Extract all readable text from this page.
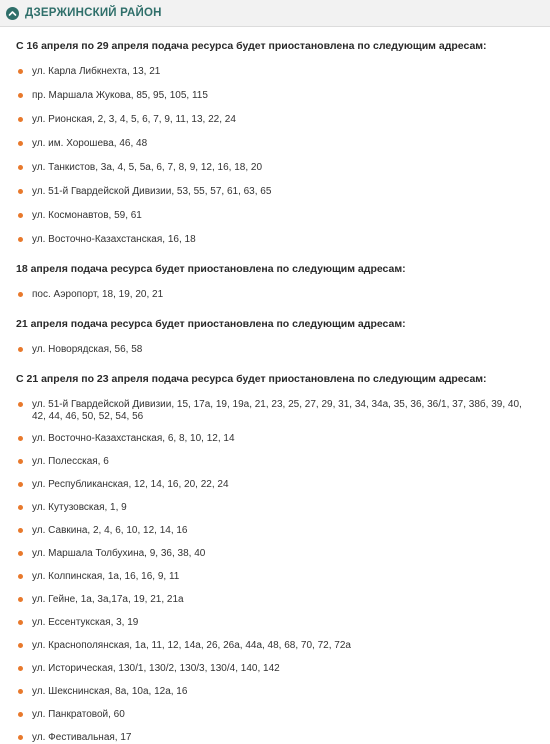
ДЗЕРЖИНСКИЙ РАЙОН

С 16 апреля по 29 апреля подача ресурса будет приостановлена по следующим адресам:

ул. Карла Либкнехта, 13, 21
пр. Маршала Жукова, 85, 95, 105, 115
ул. Рионская, 2, 3, 4, 5, 6, 7, 9, 11, 13, 22, 24
ул. им. Хорошева, 46, 48
ул. Танкистов, 3а, 4, 5, 5а, 6, 7, 8, 9, 12, 16, 18, 20
ул. 51-й Гвардейской Дивизии, 53, 55, 57, 61, 63, 65
ул. Космонавтов, 59, 61
ул. Восточно-Казахстанская, 16, 18

18 апреля подача ресурса будет приостановлена по следующим адресам:

пос. Аэропорт, 18, 19, 20, 21

21 апреля подача ресурса будет приостановлена по следующим адресам:

ул. Новорядская, 56, 58

С 21 апреля по 23 апреля подача ресурса будет приостановлена по следующим адресам:

ул. 51-й Гвардейской Дивизии, 15, 17а, 19, 19а, 21, 23, 25, 27, 29, 31, 34, 34а, 35, 36, 36/1, 37, 38б, 39, 40, 42, 44, 46, 50, 52, 54, 56
ул. Восточно-Казахстанская, 6, 8, 10, 12, 14
ул. Полесская, 6
ул. Республиканская, 12, 14, 16, 20, 22, 24
ул. Кутузовская, 1, 9
ул. Савкина, 2, 4, 6, 10, 12, 14, 16
ул. Маршала Толбухина, 9, 36, 38, 40
ул. Колпинская, 1а, 16, 16, 9, 11
ул. Гейне, 1а, 3а,17а, 19, 21, 21а
ул. Ессентукская, 3, 19
ул. Краснополянская, 1а, 11, 12, 14а, 26, 26а, 44а, 48, 68, 70, 72, 72а
ул. Историческая, 130/1, 130/2, 130/3, 130/4, 140, 142
ул. Шекснинская, 8а, 10а, 12а, 16
ул. Панкратовой, 60
ул. Фестивальная, 17
